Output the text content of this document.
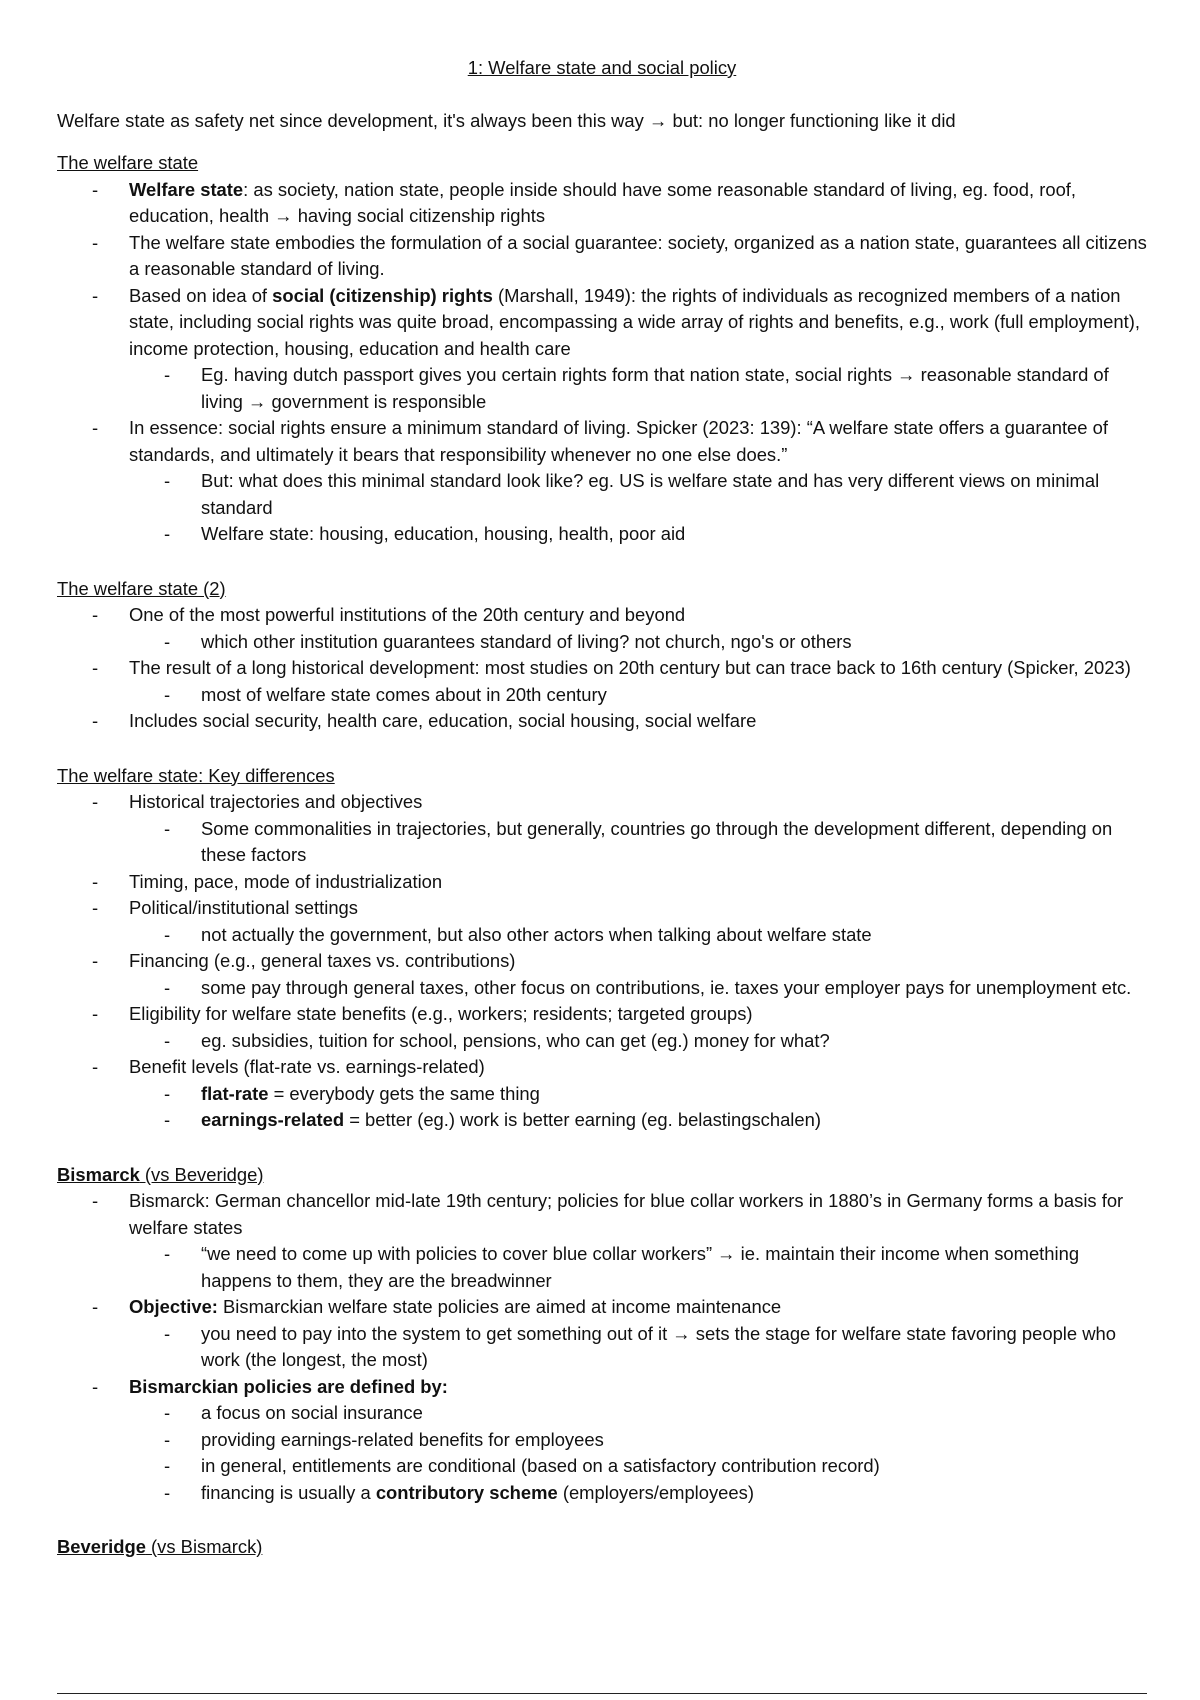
1: Welfare state and social policy

Welfare state as safety net since development, it's always been this way → but: no longer functioning like it did

The welfare state

- Welfare state: as society, nation state, people inside should have some reasonable standard of living, eg. food, roof, education, health → having social citizenship rights
- The welfare state embodies the formulation of a social guarantee: society, organized as a nation state, guarantees all citizens a reasonable standard of living.
- Based on idea of social (citizenship) rights (Marshall, 1949): the rights of individuals as recognized members of a nation state, including social rights was quite broad, encompassing a wide array of rights and benefits, e.g., work (full employment), income protection, housing, education and health care
- Eg. having dutch passport gives you certain rights form that nation state, social rights → reasonable standard of living → government is responsible
- In essence: social rights ensure a minimum standard of living. Spicker (2023: 139): “A welfare state offers a guarantee of standards, and ultimately it bears that responsibility whenever no one else does.”
- But: what does this minimal standard look like? eg. US is welfare state and has very different views on minimal standard
- Welfare state: housing, education, housing, health, poor aid

The welfare state (2)

- One of the most powerful institutions of the 20th century and beyond
- which other institution guarantees standard of living? not church, ngo's or others
- The result of a long historical development: most studies on 20th century but can trace back to 16th century (Spicker, 2023)
- most of welfare state comes about in 20th century
- Includes social security, health care, education, social housing, social welfare

The welfare state: Key differences

- Historical trajectories and objectives
- Some commonalities in trajectories, but generally, countries go through the development different, depending on these factors
- Timing, pace, mode of industrialization
- Political/institutional settings
- not actually the government, but also other actors when talking about welfare state
- Financing (e.g., general taxes vs. contributions)
- some pay through general taxes, other focus on contributions, ie. taxes your employer pays for unemployment etc.
- Eligibility for welfare state benefits (e.g., workers; residents; targeted groups)
- eg. subsidies, tuition for school, pensions, who can get (eg.) money for what?
- Benefit levels (flat-rate vs. earnings-related)
- flat-rate = everybody gets the same thing
- earnings-related = better (eg.) work is better earning (eg. belastingschalen)

Bismarck (vs Beveridge)

- Bismarck: German chancellor mid-late 19th century; policies for blue collar workers in 1880’s in Germany forms a basis for welfare states
- “we need to come up with policies to cover blue collar workers” → ie. maintain their income when something happens to them, they are the breadwinner
- Objective: Bismarckian welfare state policies are aimed at income maintenance
- you need to pay into the system to get something out of it → sets the stage for welfare state favoring people who work (the longest, the most)
- Bismarckian policies are defined by:
- a focus on social insurance
- providing earnings-related benefits for employees
- in general, entitlements are conditional (based on a satisfactory contribution record)
- financing is usually a contributory scheme (employers/employees)

Beveridge (vs Bismarck)
